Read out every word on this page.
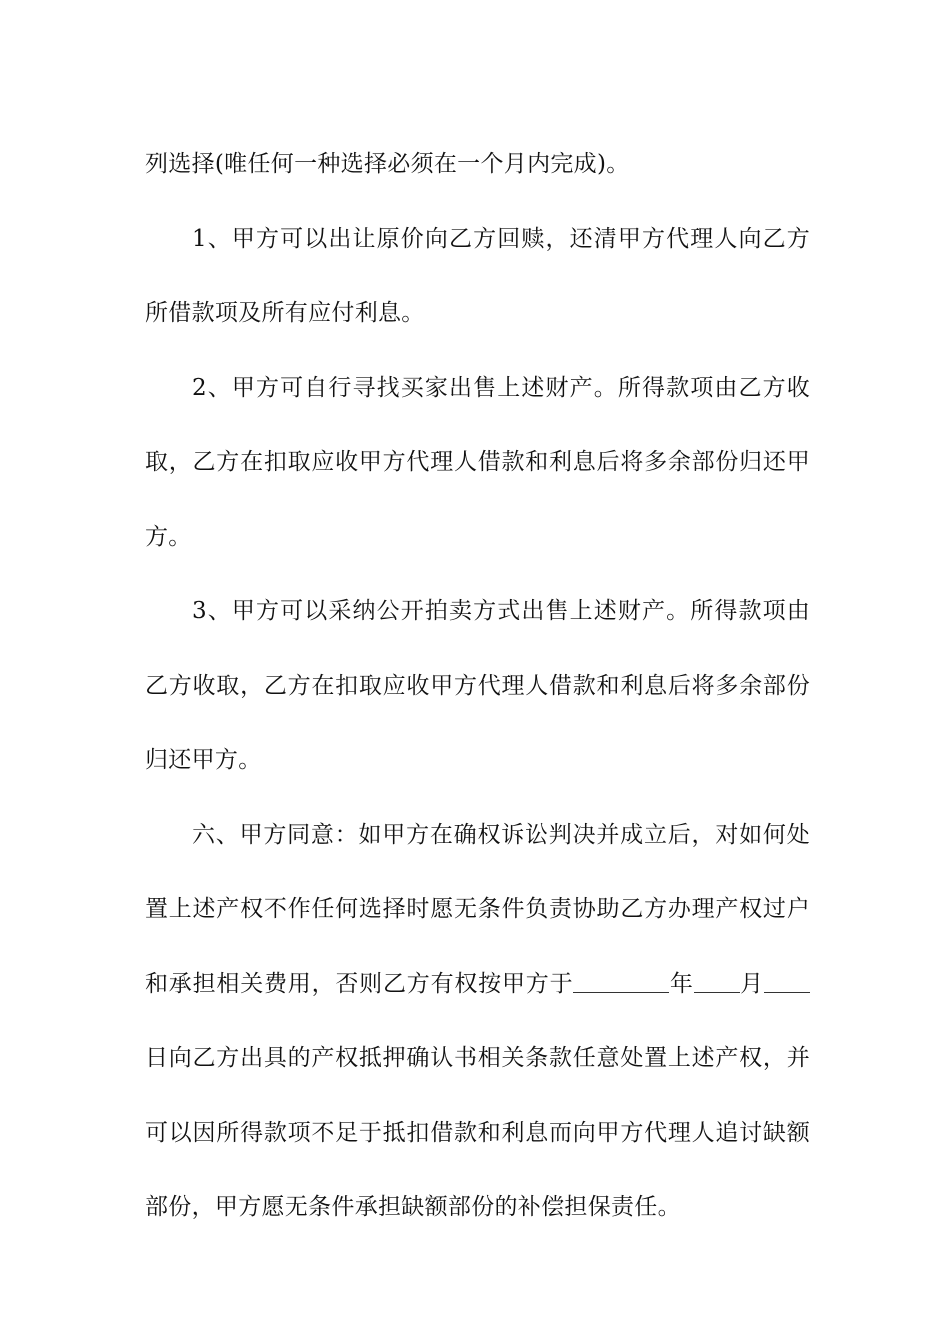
列选择(唯任何一种选择必须在一个月内完成)。

1、甲方可以出让原价向乙方回赎，还清甲方代理人向乙方所借款项及所有应付利息。

2、甲方可自行寻找买家出售上述财产。所得款项由乙方收取，乙方在扣取应收甲方代理人借款和利息后将多余部份归还甲方。

3、甲方可以采纳公开拍卖方式出售上述财产。所得款项由乙方收取，乙方在扣取应收甲方代理人借款和利息后将多余部份归还甲方。

六、甲方同意：如甲方在确权诉讼判决并成立后，对如何处置上述产权不作任何选择时愿无条件负责协助乙方办理产权过户和承担相关费用，否则乙方有权按甲方于	年 月日向乙方出具的产权抵押确认书相关条款任意处置上述产权，并可以因所得款项不足于抵扣借款和利息而向甲方代理人追讨缺额部份，甲方愿无条件承担缺额部份的补偿担保责任。
